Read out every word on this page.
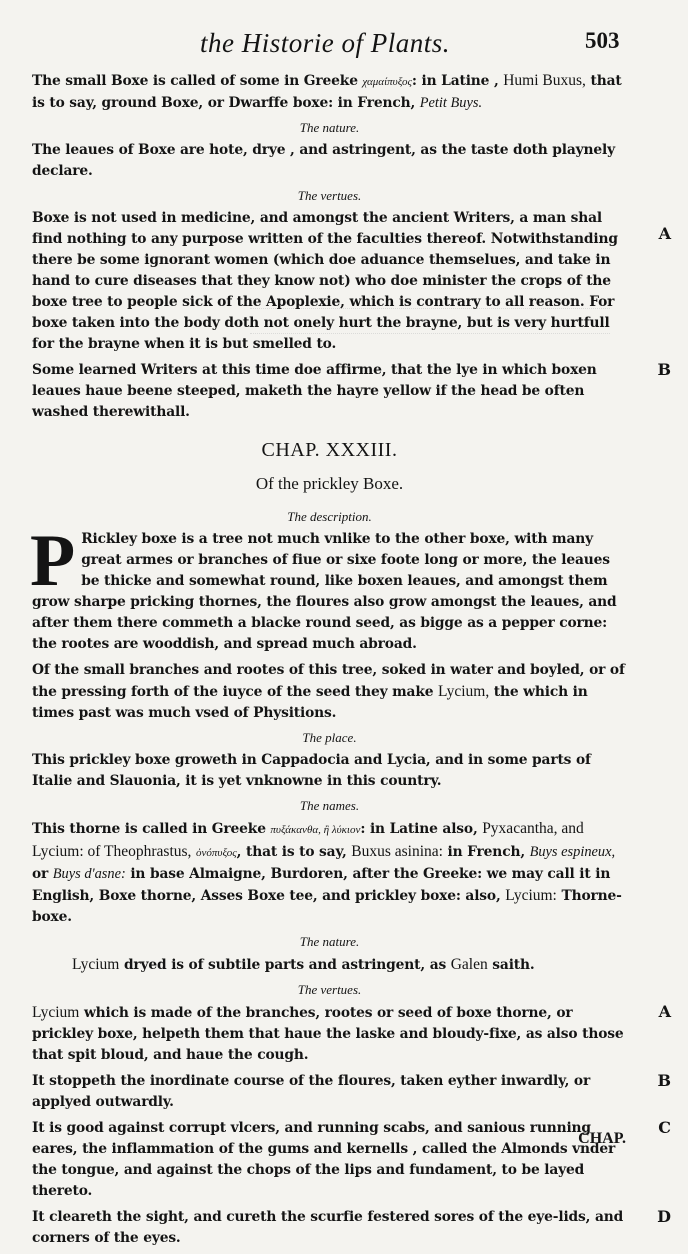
the Historie of Plants.	503

The small Boxe is called of some in Greeke χαμαίπυξος: in Latine , Humi Buxus, that is to say, ground Boxe, or Dwarffe boxe: in French, Petit Buys.

The nature.

The leaues of Boxe are hote, drye , and astringent, as the taste doth playnely declare.

The vertues.

Boxe is not used in medicine, and amongst the ancient Writers, a man shal find nothing to any purpose written of the faculties thereof. Notwithstanding there be some ignorant women (which doe aduance themselues, and take in hand to cure diseases that they know not) who doe minister the crops of the boxe tree to people sick of the Apoplexie, which is contrary to all reason. For boxe taken into the body doth not onely hurt the brayne, but is very hurtfull for the brayne when it is but smelled to.

A

Some learned Writers at this time doe affirme, that the lye in which boxen leaues haue beene steeped, maketh the hayre yellow if the head be often washed therewithall.

B
CHAP. XXXIII.
Of the prickley Boxe.
The description.
P Rickley boxe is a tree not much vnlike to the other boxe, with many great armes or branches of fiue or sixe foote long or more, the leaues be thicke and somewhat round, like boxen leaues, and amongst them grow sharpe pricking thornes, the floures also grow amongst the leaues, and after them there commeth a blacke round seed, as bigge as a pepper corne: the rootes are wooddish, and spread much abroad.

Of the small branches and rootes of this tree, soked in water and boyled, or of the pressing forth of the iuyce of the seed they make Lycium, the which in times past was much vsed of Physitions.

The place.

This prickley boxe groweth in Cappadocia and Lycia, and in some parts of Italie and Slauonia, it is yet vnknowne in this country.

The names.

This thorne is called in Greeke πυξάκανθα, ἢ λύκιον: in Latine also, Pyxacantha, and Lycium: of Theophrastus, ὀνόπυξος, that is to say, Buxus asinina: in French, Buys espineux, or Buys d'asne: in base Almaigne, Burdoren, after the Greeke: we may call it in English, Boxe thorne, Asses Boxe tee, and prickley boxe: also, Lycium: Thorne-boxe.

The nature.

Lycium dryed is of subtile parts and astringent, as Galen saith.

The vertues.

Lycium which is made of the branches, rootes or seed of boxe thorne, or prickley boxe, helpeth them that haue the laske and bloudy-fixe, as also those that spit bloud, and haue the cough.

A

It stoppeth the inordinate course of the floures, taken eyther inwardly, or applyed outwardly.

B

It is good against corrupt vlcers, and running scabs, and sanious running eares, the inflammation of the gums and kernells , called the Almonds vnder the tongue, and against the chops of the lips and fundament, to be layed thereto.

C

It cleareth the sight, and cureth the scurfie festered sores of the eye-lids, and corners of the eyes.

D
CHAP.
